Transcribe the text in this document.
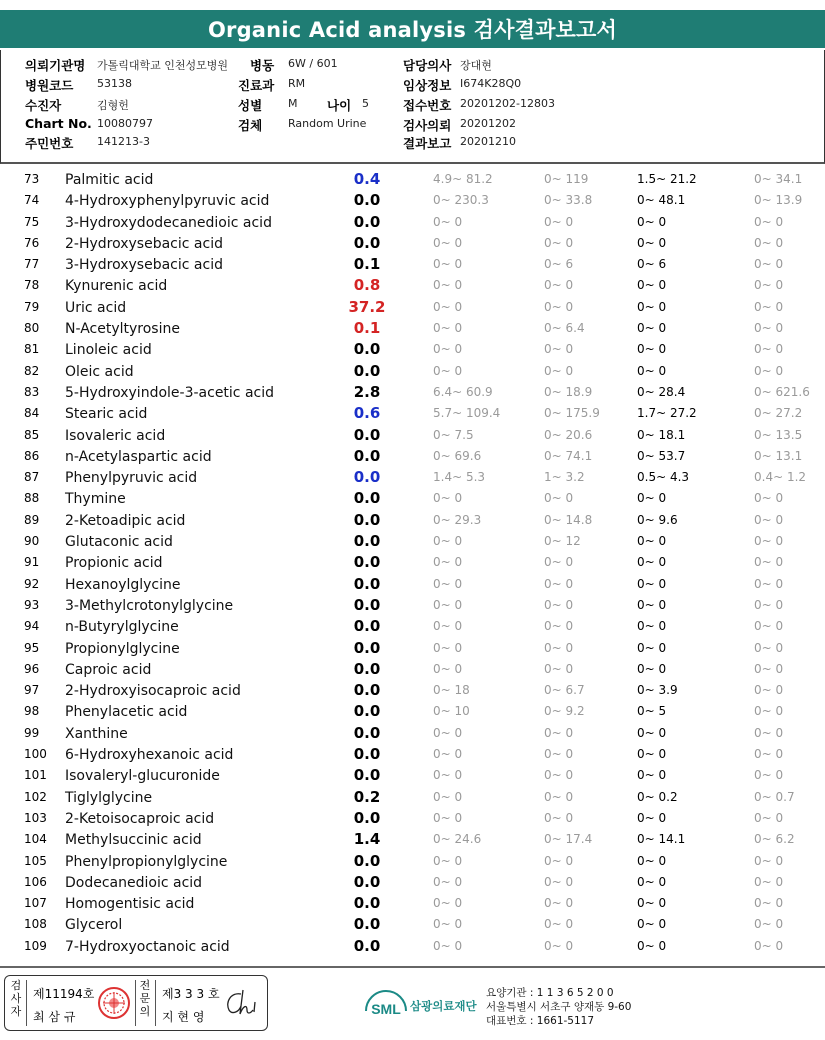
Organic Acid analysis 검사결과보고서
의뢰기관명 가톨릭대학교 인천성모병원 병동 6W / 601	담당의사 장대현
병원코드 53138	진료과 RM	임상정보 I674K28Q0
수진자	김형헌	성별 M 나이 5	접수번호 20201202-12803
Chart No. 10080797	검체 Random Urine	검사의뢰 20201202
주민번호 141213-3	결과보고 20201210
73 Palmitic acid	0.4	4.9~ 81.2	0~ 119	1.5~ 21.2	0~ 34.1
74 4-Hydroxyphenylpyruvic acid	0.0	0~ 230.3	0~ 33.8	0~ 48.1	0~ 13.9
75 3-Hydroxydodecanedioic acid	0.0	0~ 0	0~ 0	0~ 0	0~ 0
76 2-Hydroxysebacic acid	0.0	0~ 0	0~ 0	0~ 0	0~ 0
77 3-Hydroxysebacic acid	0.1	0~ 0	0~ 6	0~ 6	0~ 0
78 Kynurenic acid	0.8	0~ 0	0~ 0	0~ 0	0~ 0
79 Uric acid	37.2	0~ 0	0~ 0	0~ 0	0~ 0
80 N-Acetyltyrosine	0.1	0~ 0	0~ 6.4	0~ 0	0~ 0
81 Linoleic acid	0.0	0~ 0	0~ 0	0~ 0	0~ 0
82 Oleic acid	0.0	0~ 0	0~ 0	0~ 0	0~ 0
83 5-Hydroxyindole-3-acetic acid	2.8	6.4~ 60.9	0~ 18.9	0~ 28.4	0~ 621.6
84 Stearic acid	0.6	5.7~ 109.4	0~ 175.9	1.7~ 27.2	0~ 27.2
85 Isovaleric acid	0.0	0~ 7.5	0~ 20.6	0~ 18.1	0~ 13.5
86 n-Acetylaspartic acid	0.0	0~ 69.6	0~ 74.1	0~ 53.7	0~ 13.1
87 Phenylpyruvic acid	0.0	1.4~ 5.3	1~ 3.2	0.5~ 4.3	0.4~ 1.2
88 Thymine	0.0	0~ 0	0~ 0	0~ 0	0~ 0
89 2-Ketoadipic acid	0.0	0~ 29.3	0~ 14.8	0~ 9.6	0~ 0
90 Glutaconic acid	0.0	0~ 0	0~ 12	0~ 0	0~ 0
91 Propionic acid	0.0	0~ 0	0~ 0	0~ 0	0~ 0
92 Hexanoylglycine	0.0	0~ 0	0~ 0	0~ 0	0~ 0
93 3-Methylcrotonylglycine	0.0	0~ 0	0~ 0	0~ 0	0~ 0
94 n-Butyrylglycine	0.0	0~ 0	0~ 0	0~ 0	0~ 0
95 Propionylglycine	0.0	0~ 0	0~ 0	0~ 0	0~ 0
96 Caproic acid	0.0	0~ 0	0~ 0	0~ 0	0~ 0
97 2-Hydroxyisocaproic acid	0.0	0~ 18	0~ 6.7	0~ 3.9	0~ 0
98 Phenylacetic acid	0.0	0~ 10	0~ 9.2	0~ 5	0~ 0
99 Xanthine	0.0	0~ 0	0~ 0	0~ 0	0~ 0
100 6-Hydroxyhexanoic acid	0.0	0~ 0	0~ 0	0~ 0	0~ 0
101 Isovaleryl-glucuronide	0.0	0~ 0	0~ 0	0~ 0	0~ 0
102 Tiglylglycine	0.2	0~ 0	0~ 0	0~ 0.2	0~ 0.7
103 2-Ketoisocaproic acid	0.0	0~ 0	0~ 0	0~ 0	0~ 0
104 Methylsuccinic acid	1.4	0~ 24.6	0~ 17.4	0~ 14.1	0~ 6.2
105 Phenylpropionylglycine	0.0	0~ 0	0~ 0	0~ 0	0~ 0
106 Dodecanedioic acid	0.0	0~ 0	0~ 0	0~ 0	0~ 0
107 Homogentisic acid	0.0	0~ 0	0~ 0	0~ 0	0~ 0
108 Glycerol	0.0	0~ 0	0~ 0	0~ 0	0~ 0
109 7-Hydroxyoctanoic acid	0.0	0~ 0	0~ 0	0~ 0	0~ 0
검사자
제11194호
최 삼 규
전문의
제3 3 3 호
지 현 영	SML 삼광의료재단
요양기관 : 1 1 3 6 5 2 0 0
서울특별시 서초구 양재동 9-60
대표번호 : 1661-5117
